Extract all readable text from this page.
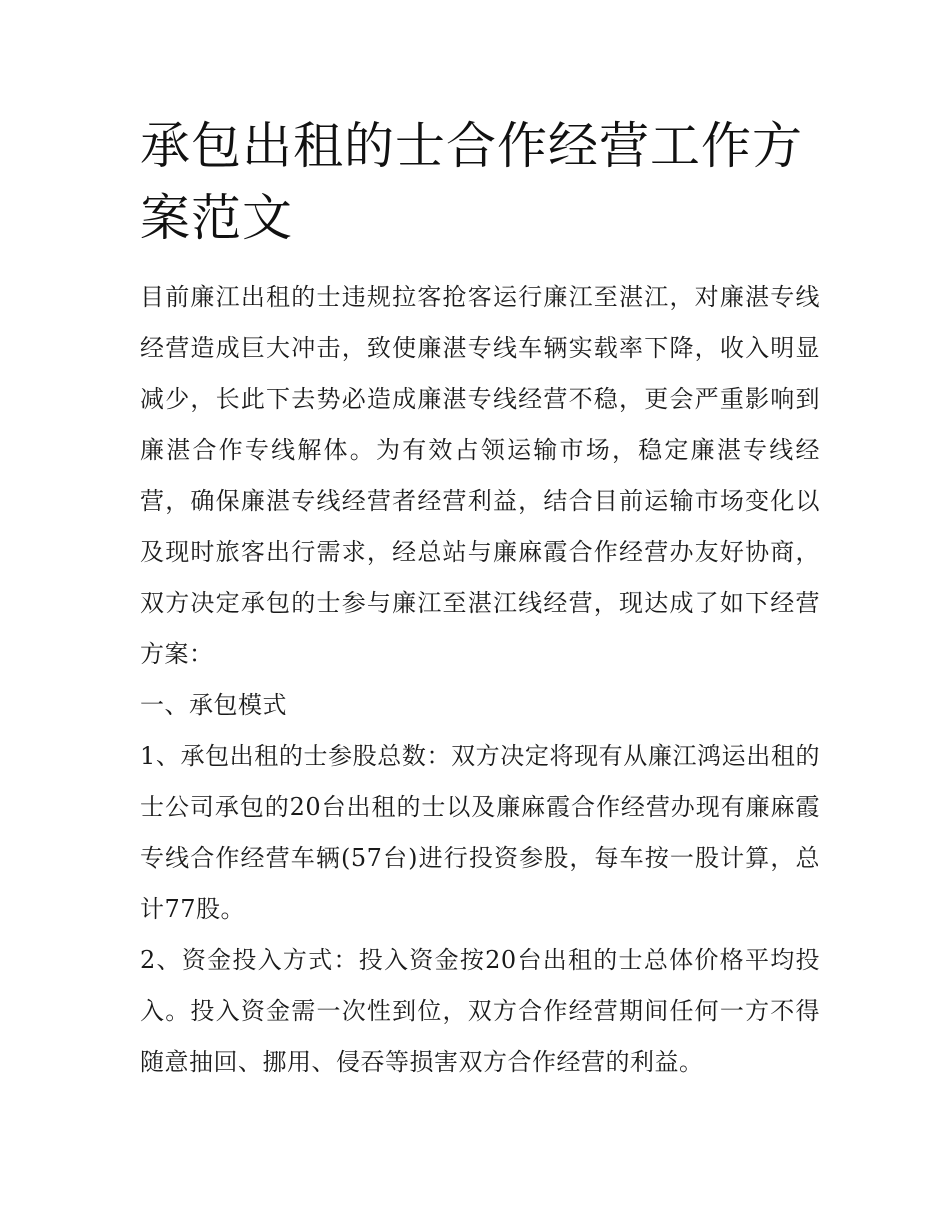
承包出租的士合作经营工作方案范文

目前廉江出租的士违规拉客抢客运行廉江至湛江，对廉湛专线经营造成巨大冲击，致使廉湛专线车辆实载率下降，收入明显减少，长此下去势必造成廉湛专线经营不稳，更会严重影响到廉湛合作专线解体。为有效占领运输市场，稳定廉湛专线经营，确保廉湛专线经营者经营利益，结合目前运输市场变化以及现时旅客出行需求，经总站与廉麻霞合作经营办友好协商，双方决定承包的士参与廉江至湛江线经营，现达成了如下经营方案：

一、承包模式

1、承包出租的士参股总数：双方决定将现有从廉江鸿运出租的士公司承包的20台出租的士以及廉麻霞合作经营办现有廉麻霞专线合作经营车辆(57台)进行投资参股，每车按一股计算，总计77股。

2、资金投入方式：投入资金按20台出租的士总体价格平均投入。投入资金需一次性到位，双方合作经营期间任何一方不得随意抽回、挪用、侵吞等损害双方合作经营的利益。
